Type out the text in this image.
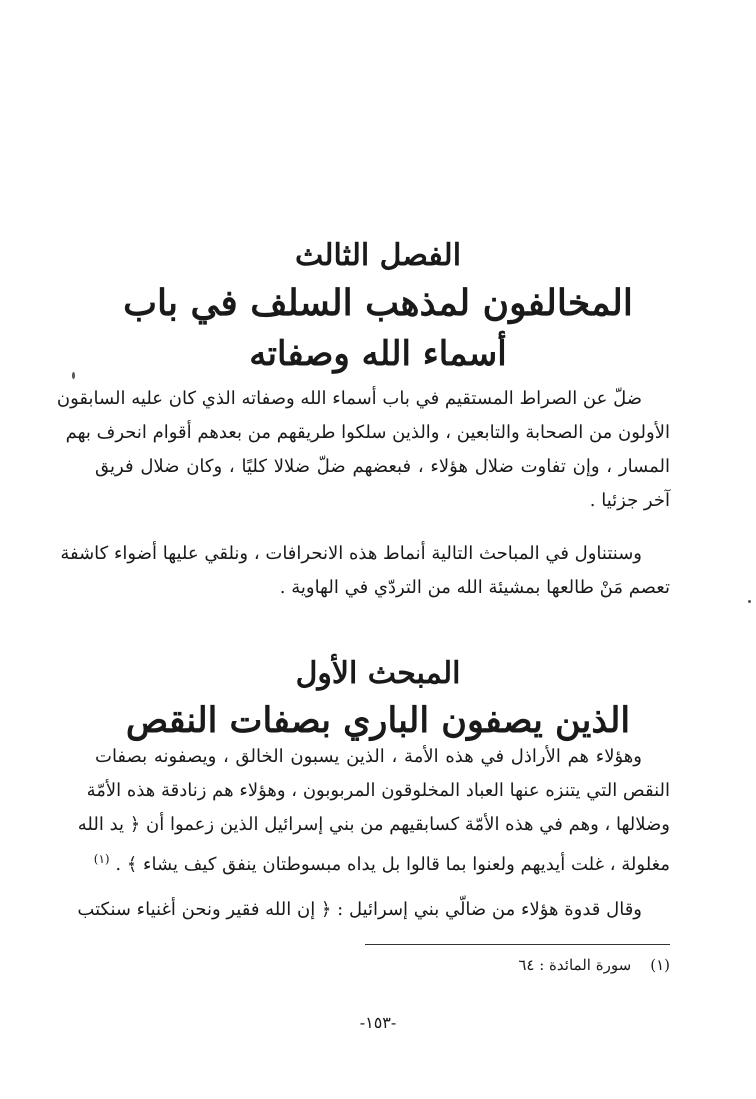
الفصل الثالث
المخالفون لمذهب السلف في باب
أسماء الله وصفاته
ضلّ عن الصراط المستقيم في باب أسماء الله وصفاته الذي كان عليه السابقون
الأولون من الصحابة والتابعين ، والذين سلكوا طريقهم من بعدهم أقوام انحرف بهم
المسار ، وإن تفاوت ضلال هؤلاء ، فبعضهم ضلّ ضلالا كليًا ، وكان ضلال فريق
آخر جزئيا .
وسنتناول في المباحث التالية أنماط هذه الانحرافات ، ونلقي عليها أضواء كاشفة
تعصم مَنْ طالعها بمشيئة الله من التردّي في الهاوية .
المبحث الأول
الذين يصفون الباري بصفات النقص
وهؤلاء هم الأراذل في هذه الأمة ، الذين يسبون الخالق ، ويصفونه بصفات
النقص التي يتنزه عنها العباد المخلوقون المربوبون ، وهؤلاء هم زنادقة هذه الأمّة
وضلالها ، وهم في هذه الأمّة كسابقيهم من بني إسرائيل الذين زعموا أن ﴿ يد الله
مغلولة ، غلت أيديهم ولعنوا بما قالوا بل يداه مبسوطتان ينفق كيف يشاء ﴾ . $^{(١)}$
وقال قدوة هؤلاء من ضالّي بني إسرائيل : ﴿ إن الله فقير ونحن أغنياء سنكتب
(١)    سورة المائدة : ٦٤
-١٥٣-
